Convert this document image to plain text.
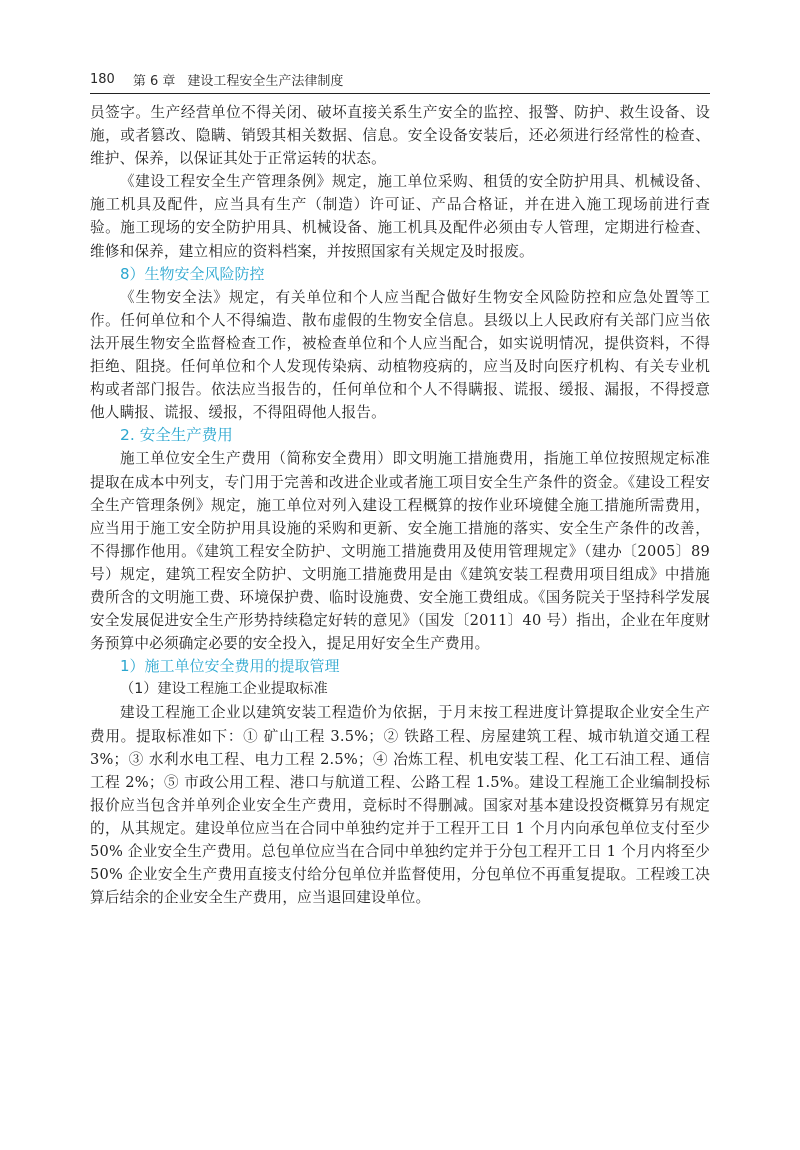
180 第 6 章 建设工程安全生产法律制度

员签字。生产经营单位不得关闭、破坏直接关系生产安全的监控、报警、防护、救生设备、设施，或者篡改、隐瞒、销毁其相关数据、信息。安全设备安装后，还必须进行经常性的检查、维护、保养，以保证其处于正常运转的状态。

《建设工程安全生产管理条例》规定，施工单位采购、租赁的安全防护用具、机械设备、施工机具及配件，应当具有生产（制造）许可证、产品合格证，并在进入施工现场前进行查验。施工现场的安全防护用具、机械设备、施工机具及配件必须由专人管理，定期进行检查、维修和保养，建立相应的资料档案，并按照国家有关规定及时报废。

8）生物安全风险防控

《生物安全法》规定，有关单位和个人应当配合做好生物安全风险防控和应急处置等工作。任何单位和个人不得编造、散布虚假的生物安全信息。县级以上人民政府有关部门应当依法开展生物安全监督检查工作，被检查单位和个人应当配合，如实说明情况，提供资料，不得拒绝、阻挠。任何单位和个人发现传染病、动植物疫病的，应当及时向医疗机构、有关专业机构或者部门报告。依法应当报告的，任何单位和个人不得瞒报、谎报、缓报、漏报，不得授意他人瞒报、谎报、缓报，不得阻碍他人报告。

2. 安全生产费用

施工单位安全生产费用（简称安全费用）即文明施工措施费用，指施工单位按照规定标准提取在成本中列支，专门用于完善和改进企业或者施工项目安全生产条件的资金。《建设工程安全生产管理条例》规定，施工单位对列入建设工程概算的按作业环境健全施工措施所需费用，应当用于施工安全防护用具设施的采购和更新、安全施工措施的落实、安全生产条件的改善，不得挪作他用。《建筑工程安全防护、文明施工措施费用及使用管理规定》（建办〔2005〕89 号）规定，建筑工程安全防护、文明施工措施费用是由《建筑安装工程费用项目组成》中措施费所含的文明施工费、环境保护费、临时设施费、安全施工费组成。《国务院关于坚持科学发展安全发展促进安全生产形势持续稳定好转的意见》（国发〔2011〕40 号）指出，企业在年度财务预算中必须确定必要的安全投入，提足用好安全生产费用。

1）施工单位安全费用的提取管理

（1）建设工程施工企业提取标准

建设工程施工企业以建筑安装工程造价为依据，于月末按工程进度计算提取企业安全生产费用。提取标准如下：① 矿山工程 3.5%；② 铁路工程、房屋建筑工程、城市轨道交通工程 3%；③ 水利水电工程、电力工程 2.5%；④ 冶炼工程、机电安装工程、化工石油工程、通信工程 2%；⑤ 市政公用工程、港口与航道工程、公路工程 1.5%。建设工程施工企业编制投标报价应当包含并单列企业安全生产费用，竞标时不得删减。国家对基本建设投资概算另有规定的，从其规定。建设单位应当在合同中单独约定并于工程开工日 1 个月内向承包单位支付至少 50% 企业安全生产费用。总包单位应当在合同中单独约定并于分包工程开工日 1 个月内将至少 50% 企业安全生产费用直接支付给分包单位并监督使用，分包单位不再重复提取。工程竣工决算后结余的企业安全生产费用，应当退回建设单位。
